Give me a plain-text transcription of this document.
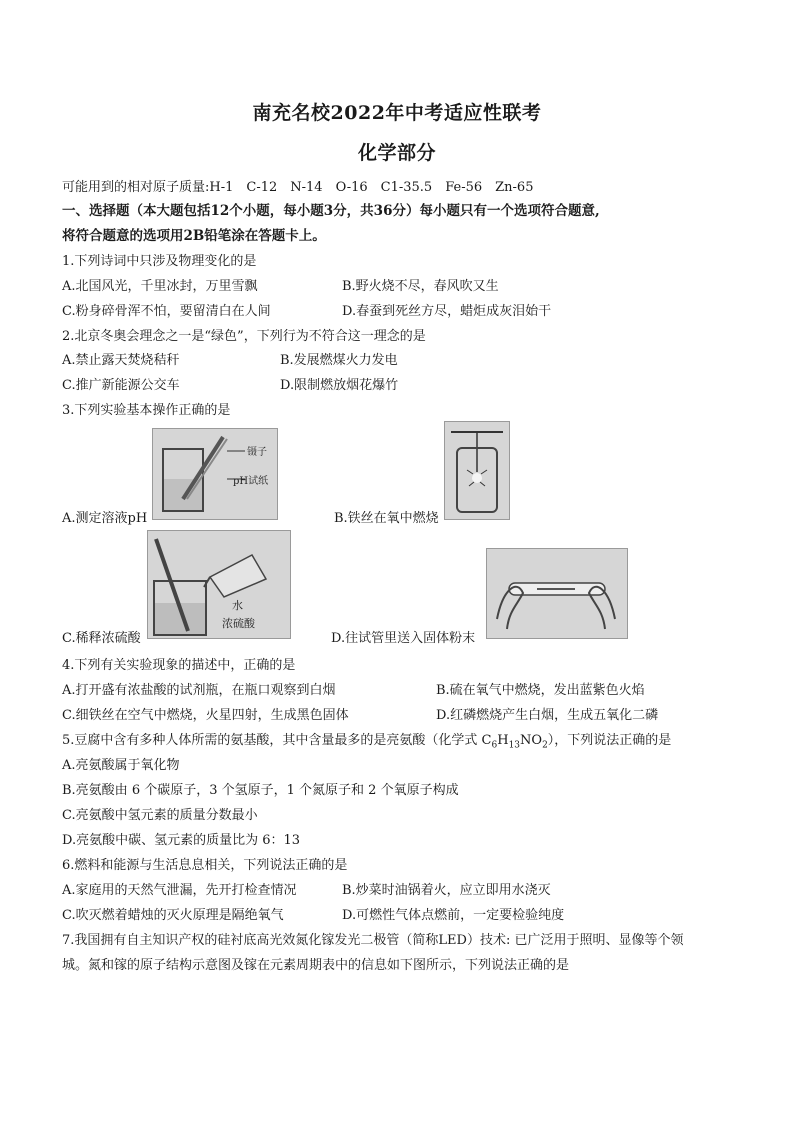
南充名校2022年中考适应性联考
化学部分
可能用到的相对原子质量:H-1　C-12　N-14　O-16　C1-35.5　Fe-56　Zn-65
一、选择题（本大题包括12个小题，每小题3分，共36分）每小题只有一个选项符合题意,
将符合题意的选项用2B铅笔涂在答题卡上。
1.下列诗词中只涉及物理变化的是
A.北国风光，千里冰封，万里雪飘	B.野火烧不尽，春风吹又生
C.粉身碎骨浑不怕，要留清白在人间	D.春蚕到死丝方尽，蜡炬成灰泪始干
2.北京冬奥会理念之一是“绿色”，下列行为不符合这一理念的是
A.禁止露天焚烧秸秆	B.发展燃煤火力发电
C.推广新能源公交车	D.限制燃放烟花爆竹
3.下列实验基本操作正确的是
镊子
pH试纸
A.测定溶液pH	B.铁丝在氧中燃烧
水
浓硫酸
C.稀释浓硫酸	D.往试管里送入固体粉末
4.下列有关实验现象的描述中，正确的是
A.打开盛有浓盐酸的试剂瓶，在瓶口观察到白烟	B.硫在氧气中燃烧，发出蓝紫色火焰
C.细铁丝在空气中燃烧，火星四射，生成黑色固体	D.红磷燃烧产生白烟，生成五氧化二磷
5.豆腐中含有多种人体所需的氨基酸，其中含量最多的是亮氨酸（化学式 $C_6H_{13}NO_2$），下列说法正确的是
A.亮氨酸属于氧化物
B.亮氨酸由 6 个碳原子，3 个氢原子，1 个氮原子和 2 个氧原子构成
C.亮氨酸中氢元素的质量分数最小
D.亮氨酸中碳、氢元素的质量比为 6：13
6.燃料和能源与生活息息相关，下列说法正确的是
A.家庭用的天然气泄漏，先开打检查情况	B.炒菜时油锅着火，应立即用水浇灭
C.吹灭燃着蜡烛的灭火原理是隔绝氧气	D.可燃性气体点燃前，一定要检验纯度
7.我国拥有自主知识产权的硅衬底高光效氮化镓发光二极管（简称LED）技术: 已广泛用于照明、显像等个领
城。氮和镓的原子结构示意图及镓在元素周期表中的信息如下图所示，下列说法正确的是
